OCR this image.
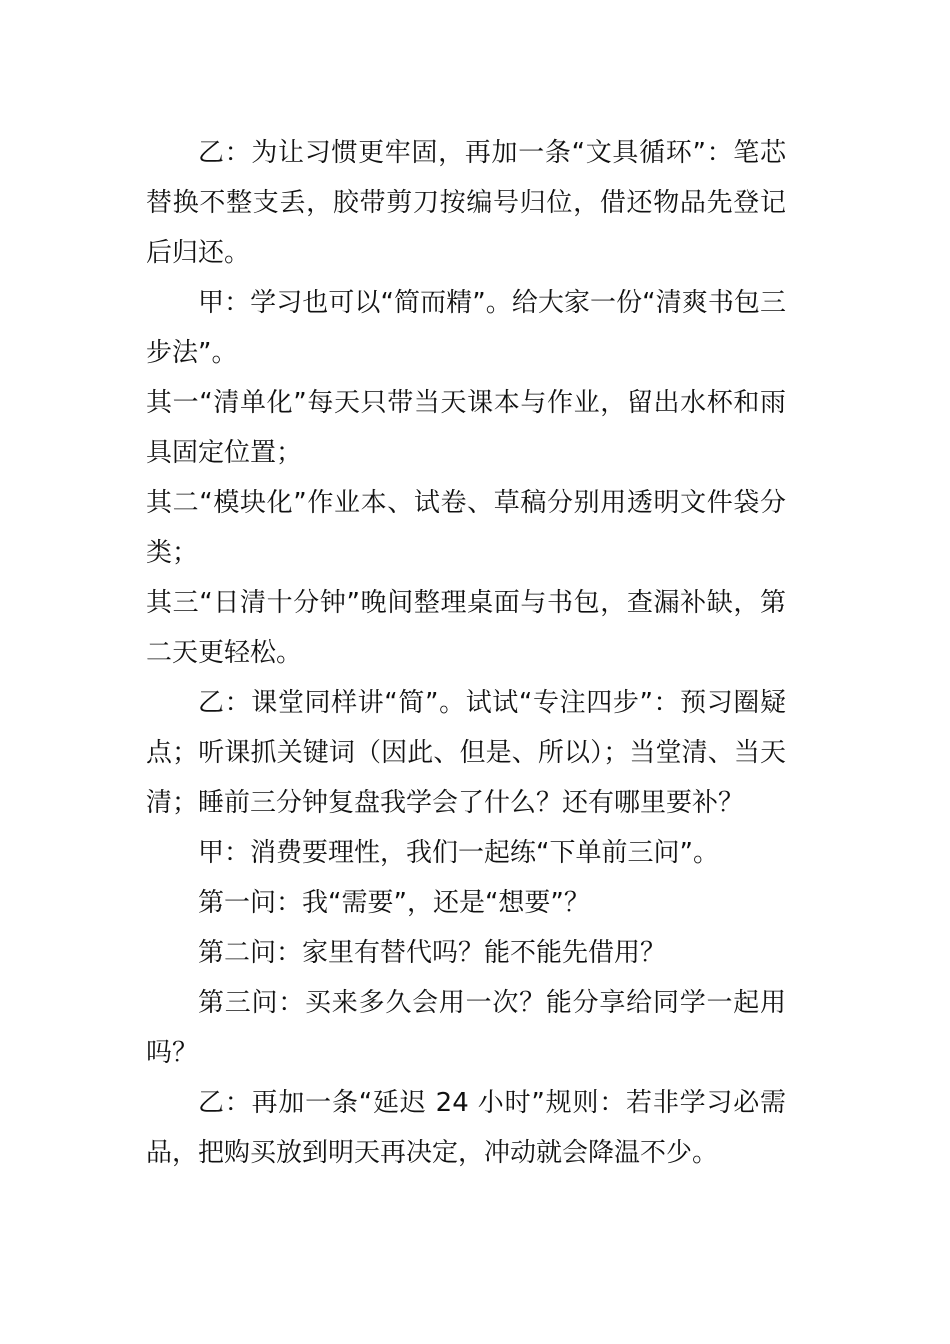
乙：为让习惯更牢固，再加一条“文具循环”：笔芯替换不整支丢，胶带剪刀按编号归位，借还物品先登记后归还。

甲：学习也可以“简而精”。给大家一份“清爽书包三步法”。

其一“清单化”每天只带当天课本与作业，留出水杯和雨具固定位置；

其二“模块化”作业本、试卷、草稿分别用透明文件袋分类；

其三“日清十分钟”晚间整理桌面与书包，查漏补缺，第二天更轻松。

乙：课堂同样讲“简”。试试“专注四步”：预习圈疑点；听课抓关键词（因此、但是、所以）；当堂清、当天清；睡前三分钟复盘我学会了什么？还有哪里要补？

甲：消费要理性，我们一起练“下单前三问”。

第一问：我“需要”，还是“想要”？

第二问：家里有替代吗？能不能先借用？

第三问：买来多久会用一次？能分享给同学一起用吗？

乙：再加一条“延迟 24 小时”规则：若非学习必需品，把购买放到明天再决定，冲动就会降温不少。
